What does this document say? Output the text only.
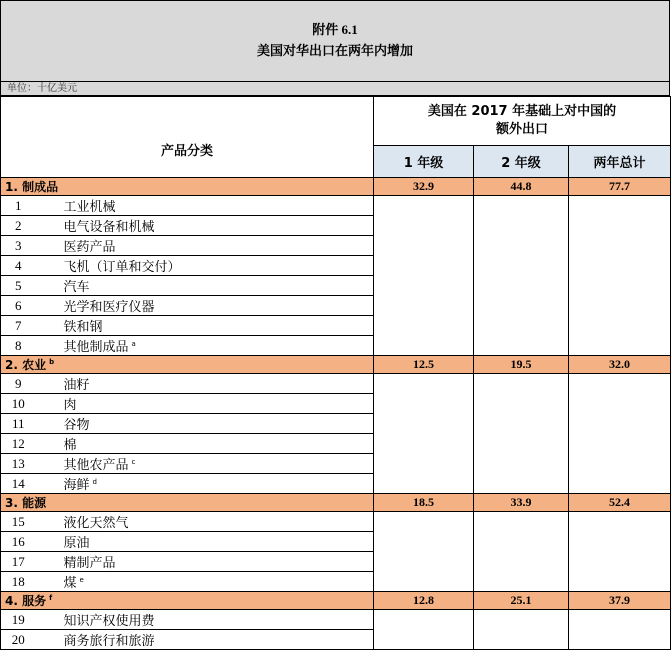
附件 6.1
美国对华出口在两年内增加
单位：十亿美元
产品分类		美国在 2017 年基础上对中国的
额外出口		
		1 年级	2 年级	两年总计
1. 制成品		32.9	44.8	77.7
1	工业机械			
2	电气设备和机械			
3	医药产品			
4	飞机（订单和交付）			
5	汽车			
6	光学和医疗仪器			
7	铁和钢			
8	其他制成品 $^a$			
2. 农业 $^b$		12.5	19.5	32.0
9	油籽			
10	肉			
11	谷物			
12	棉			
13	其他农产品 $^c$			
14	海鲜 $^d$			
3. 能源		18.5	33.9	52.4
15	液化天然气			
16	原油			
17	精制产品			
18	煤 $^e$			
4. 服务 $^f$		12.8	25.1	37.9
19	知识产权使用费			
20	商务旅行和旅游			
